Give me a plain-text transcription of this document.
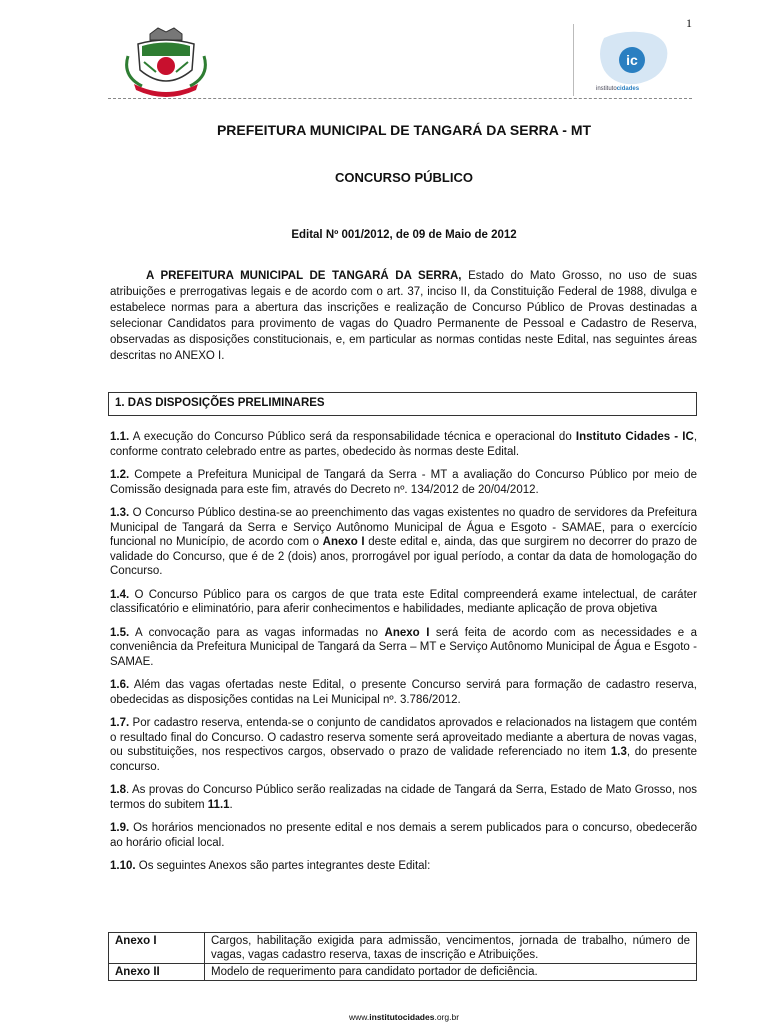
1
ic
institutocidades
PREFEITURA MUNICIPAL DE TANGARÁ DA SERRA - MT
CONCURSO PÚBLICO
Edital Nº 001/2012, de 09 de Maio de 2012

A PREFEITURA MUNICIPAL DE TANGARÁ DA SERRA, Estado do Mato Grosso, no uso de suas atribuições e prerrogativas legais e de acordo com o art. 37, inciso II, da Constituição Federal de 1988, divulga e estabelece normas para a abertura das inscrições e realização de Concurso Público de Provas destinadas a selecionar Candidatos para provimento de vagas do Quadro Permanente de Pessoal e Cadastro de Reserva, observadas as disposições constitucionais, e, em particular as normas contidas neste Edital, nas seguintes áreas descritas no ANEXO I.

1. DAS DISPOSIÇÕES PRELIMINARES

1.1. A execução do Concurso Público será da responsabilidade técnica e operacional do Instituto Cidades - IC, conforme contrato celebrado entre as partes, obedecido às normas deste Edital.

1.2. Compete a Prefeitura Municipal de Tangará da Serra - MT a avaliação do Concurso Público por meio de Comissão designada para este fim, através do Decreto nº. 134/2012 de 20/04/2012.

1.3. O Concurso Público destina-se ao preenchimento das vagas existentes no quadro de servidores da Prefeitura Municipal de Tangará da Serra e Serviço Autônomo Municipal de Água e Esgoto - SAMAE, para o exercício funcional no Município, de acordo com o Anexo I deste edital e, ainda, das que surgirem no decorrer do prazo de validade do Concurso, que é de 2 (dois) anos, prorrogável por igual período, a contar da data de homologação do Concurso.

1.4. O Concurso Público para os cargos de que trata este Edital compreenderá exame intelectual, de caráter classificatório e eliminatório, para aferir conhecimentos e habilidades, mediante aplicação de prova objetiva

1.5. A convocação para as vagas informadas no Anexo I será feita de acordo com as necessidades e a conveniência da Prefeitura Municipal de Tangará da Serra – MT e Serviço Autônomo Municipal de Água e Esgoto - SAMAE.

1.6. Além das vagas ofertadas neste Edital, o presente Concurso servirá para formação de cadastro reserva, obedecidas as disposições contidas na Lei Municipal nº. 3.786/2012.

1.7. Por cadastro reserva, entenda-se o conjunto de candidatos aprovados e relacionados na listagem que contém o resultado final do Concurso. O cadastro reserva somente será aproveitado mediante a abertura de novas vagas, ou substituições, nos respectivos cargos, observado o prazo de validade referenciado no item 1.3, do presente concurso.

1.8. As provas do Concurso Público serão realizadas na cidade de Tangará da Serra, Estado de Mato Grosso, nos termos do subitem 11.1.

1.9. Os horários mencionados no presente edital e nos demais a serem publicados para o concurso, obedecerão ao horário oficial local.

1.10. Os seguintes Anexos são partes integrantes deste Edital:

Anexo I	Cargos, habilitação exigida para admissão, vencimentos, jornada de trabalho, número de vagas, vagas cadastro reserva, taxas de inscrição e Atribuições.
Anexo II	Modelo de requerimento para candidato portador de deficiência.
www.institutocidades.org.br
